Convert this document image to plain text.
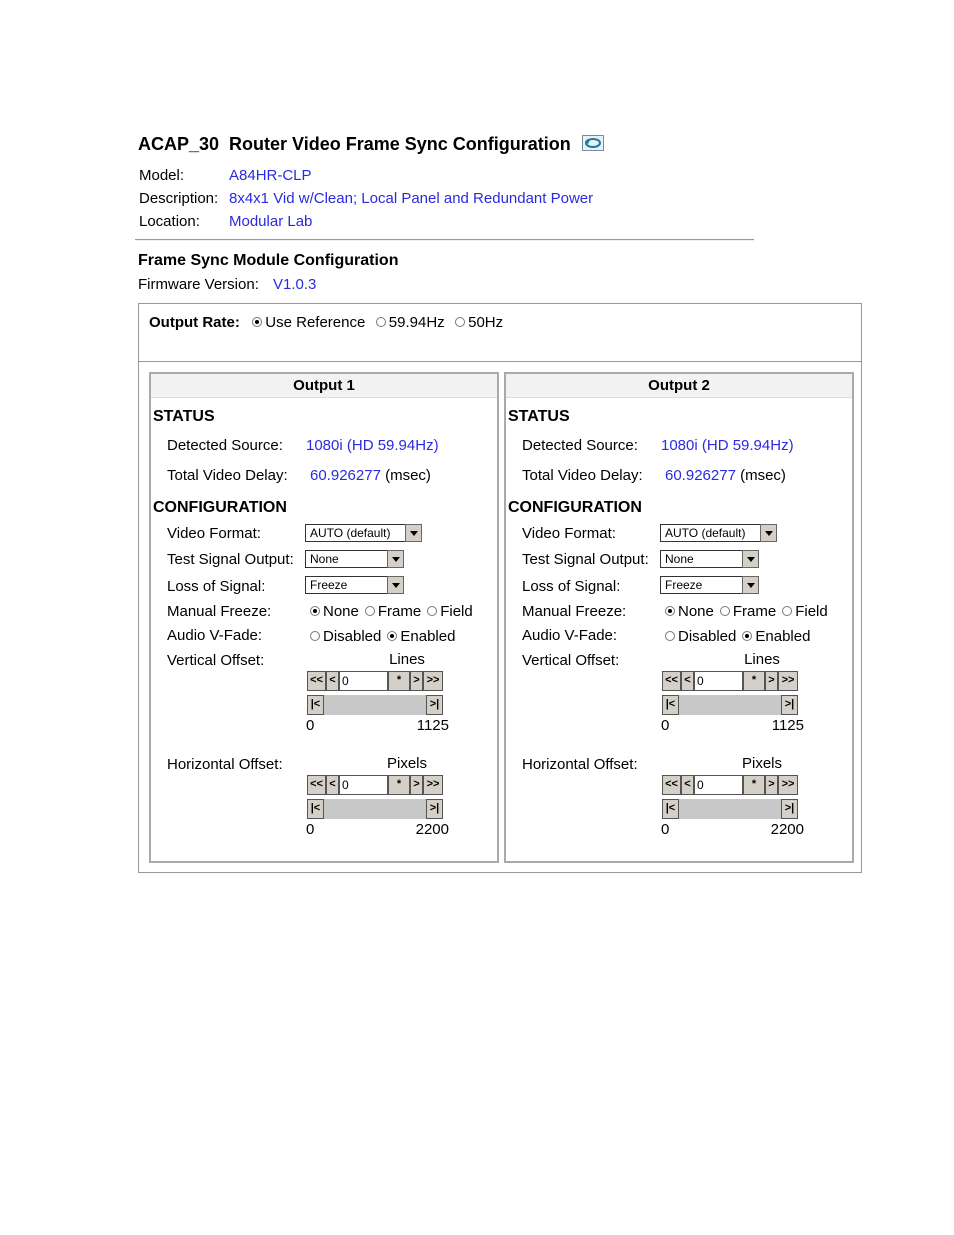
ACAP_30  Router Video Frame Sync Configuration
Model:	A84HR-CLP
Description: 8x4x1 Vid w/Clean; Local Panel and Redundant Power
Location: Modular Lab
Frame Sync Module Configuration
Firmware Version: V1.0.3
Output Rate: Use Reference 59.94Hz 50Hz
Output 1
STATUS
Detected Source: 1080i (HD 59.94Hz)
Total Video Delay: 60.926277 (msec)
CONFIGURATION
Video Format:	AUTO (default)
Test Signal Output:	None
Loss of Signal:	Freeze
Manual Freeze:	None Frame Field
Audio V-Fade:	Disabled Enabled
Vertical Offset:	Lines
<< < 0	*	> >>
|<	>|
0	1125
Horizontal Offset:	Pixels
<< < 0	*	> >>
|<	>|
0	2200
Output 2
STATUS
Detected Source: 1080i (HD 59.94Hz)
Total Video Delay: 60.926277 (msec)
CONFIGURATION
Video Format:	AUTO (default)
Test Signal Output:	None
Loss of Signal:	Freeze
Manual Freeze:	None Frame Field
Audio V-Fade:	Disabled Enabled
Vertical Offset:	Lines
<< < 0	*	> >>
|<	>|
0	1125
Horizontal Offset:	Pixels
<< < 0	*	> >>
|<	>|
0	2200
